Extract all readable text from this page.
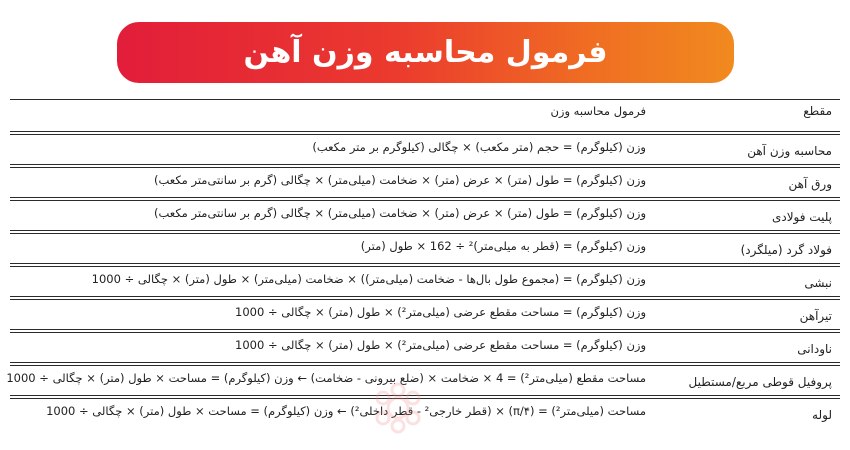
فرمول محاسبه وزن آهن
مقطع
فرمول محاسبه وزن
محاسبه وزن آهن
وزن (کیلوگرم) = حجم (متر مکعب) × چگالی (کیلوگرم بر متر مکعب)
ورق آهن
وزن (کیلوگرم) = طول (متر) × عرض (متر) × ضخامت (میلی‌متر) × چگالی (گرم بر سانتی‌متر مکعب)
پلیت فولادی
وزن (کیلوگرم) = طول (متر) × عرض (متر) × ضخامت (میلی‌متر) × چگالی (گرم بر سانتی‌متر مکعب)
فولاد گرد (میلگرد)
وزن (کیلوگرم) = (قطر به میلی‌متر)² ÷ 162 × طول (متر)
نبشی
وزن (کیلوگرم) = (مجموع طول بال‌ها - ضخامت (میلی‌متر)) × ضخامت (میلی‌متر) × طول (متر) × چگالی ÷ 1000
تیرآهن
وزن (کیلوگرم) = مساحت مقطع عرضی (میلی‌متر²) × طول (متر) × چگالی ÷ 1000
ناودانی
وزن (کیلوگرم) = مساحت مقطع عرضی (میلی‌متر²) × طول (متر) × چگالی ÷ 1000
پروفیل قوطی مربع/مستطیل
مساحت مقطع (میلی‌متر²) = 4 × ضخامت × (ضلع بیرونی - ضخامت) ← وزن (کیلوگرم) = مساحت × طول (متر) × چگالی ÷ 1000
لوله
مساحت (میلی‌متر²) = (π/۴) × (قطر خارجی² - قطر داخلی²) ← وزن (کیلوگرم) = مساحت × طول (متر) × چگالی ÷ 1000
